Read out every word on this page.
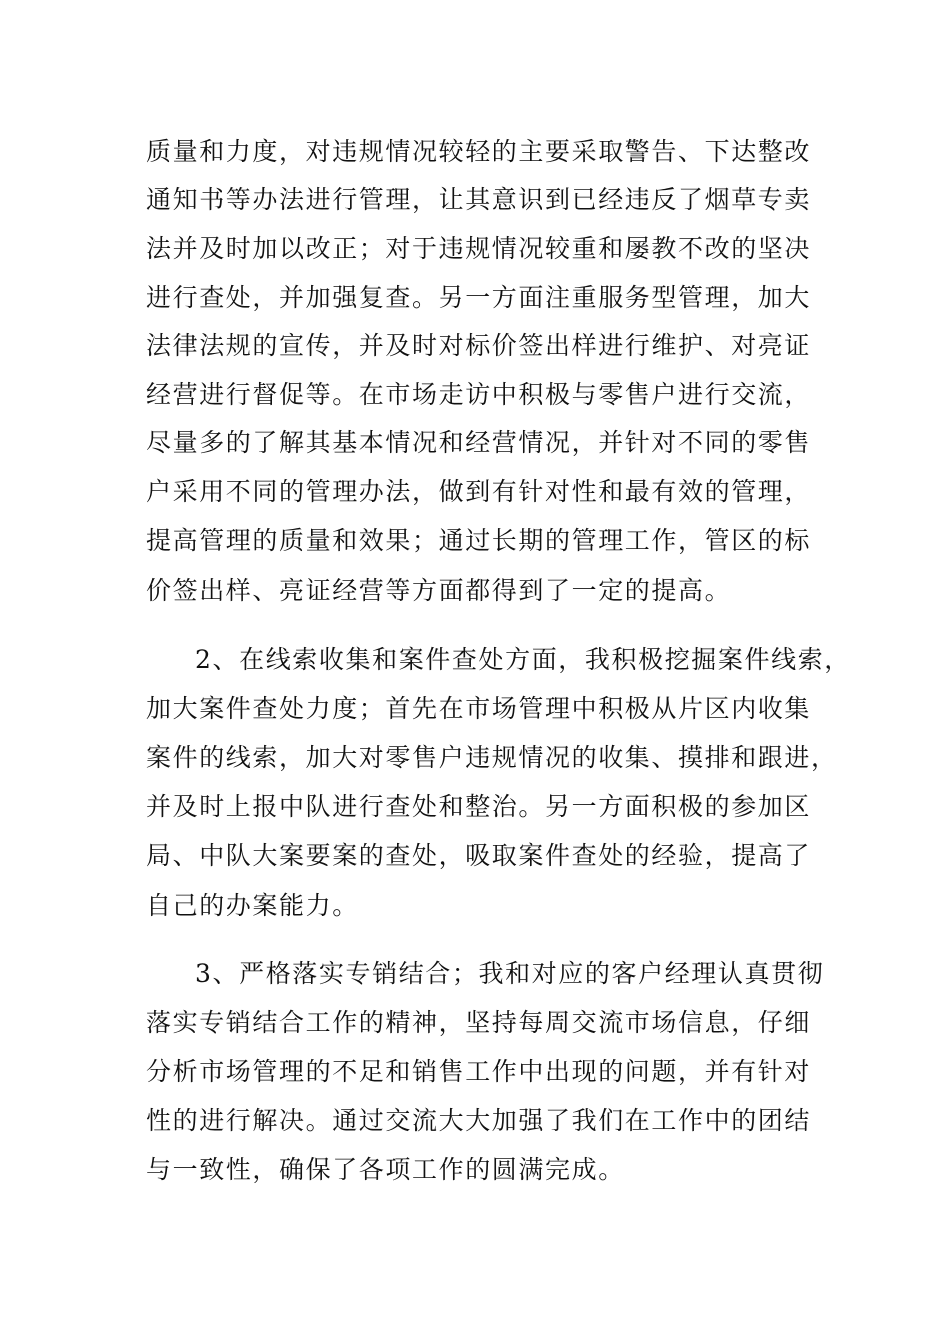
质量和力度，对违规情况较轻的主要采取警告、下达整改
通知书等办法进行管理，让其意识到已经违反了烟草专卖
法并及时加以改正；对于违规情况较重和屡教不改的坚决
进行查处，并加强复查。另一方面注重服务型管理，加大
法律法规的宣传，并及时对标价签出样进行维护、对亮证
经营进行督促等。在市场走访中积极与零售户进行交流，
尽量多的了解其基本情况和经营情况，并针对不同的零售
户采用不同的管理办法，做到有针对性和最有效的管理，
提高管理的质量和效果；通过长期的管理工作，管区的标
价签出样、亮证经营等方面都得到了一定的提高。
2、在线索收集和案件查处方面，我积极挖掘案件线索，
加大案件查处力度；首先在市场管理中积极从片区内收集
案件的线索，加大对零售户违规情况的收集、摸排和跟进，
并及时上报中队进行查处和整治。另一方面积极的参加区
局、中队大案要案的查处，吸取案件查处的经验，提高了
自己的办案能力。
3、严格落实专销结合；我和对应的客户经理认真贯彻
落实专销结合工作的精神，坚持每周交流市场信息，仔细
分析市场管理的不足和销售工作中出现的问题，并有针对
性的进行解决。通过交流大大加强了我们在工作中的团结
与一致性，确保了各项工作的圆满完成。
